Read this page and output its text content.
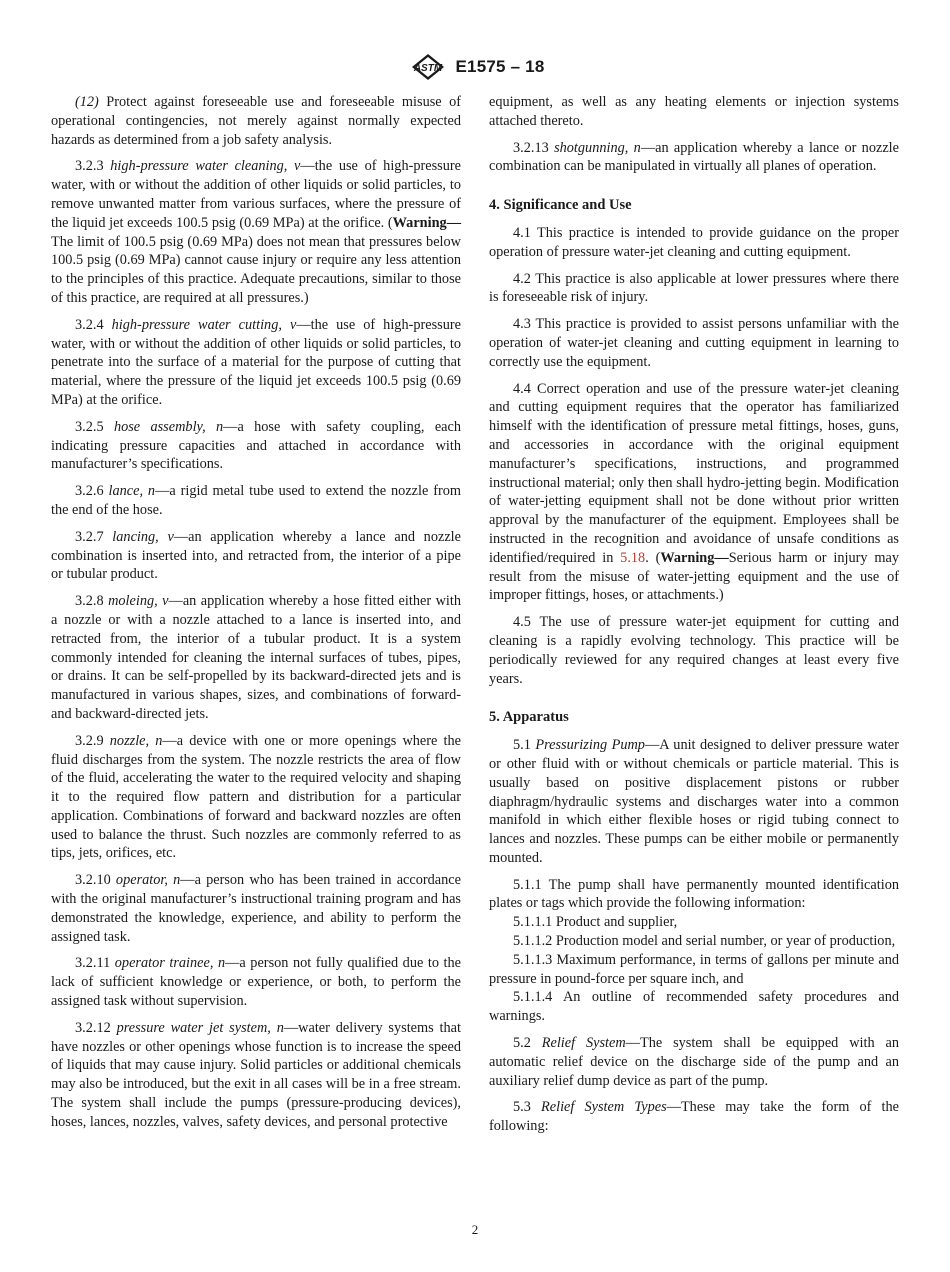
ASTM E1575 – 18

(12) Protect against foreseeable use and foreseeable misuse of operational contingencies, not merely against normally expected hazards as determined from a job safety analysis.

3.2.3 high-pressure water cleaning, v—the use of high-pressure water, with or without the addition of other liquids or solid particles, to remove unwanted matter from various surfaces, where the pressure of the liquid jet exceeds 100.5 psig (0.69 MPa) at the orifice. (Warning—The limit of 100.5 psig (0.69 MPa) does not mean that pressures below 100.5 psig (0.69 MPa) cannot cause injury or require any less attention to the principles of this practice. Adequate precautions, similar to those of this practice, are required at all pressures.)

3.2.4 high-pressure water cutting, v—the use of high-pressure water, with or without the addition of other liquids or solid particles, to penetrate into the surface of a material for the purpose of cutting that material, where the pressure of the liquid jet exceeds 100.5 psig (0.69 MPa) at the orifice.

3.2.5 hose assembly, n—a hose with safety coupling, each indicating pressure capacities and attached in accordance with manufacturer’s specifications.

3.2.6 lance, n—a rigid metal tube used to extend the nozzle from the end of the hose.

3.2.7 lancing, v—an application whereby a lance and nozzle combination is inserted into, and retracted from, the interior of a pipe or tubular product.

3.2.8 moleing, v—an application whereby a hose fitted either with a nozzle or with a nozzle attached to a lance is inserted into, and retracted from, the interior of a tubular product. It is a system commonly intended for cleaning the internal surfaces of tubes, pipes, or drains. It can be self-propelled by its backward-directed jets and is manufactured in various shapes, sizes, and combinations of forward- and backward-directed jets.

3.2.9 nozzle, n—a device with one or more openings where the fluid discharges from the system. The nozzle restricts the area of flow of the fluid, accelerating the water to the required velocity and shaping it to the required flow pattern and distribution for a particular application. Combinations of forward and backward nozzles are often used to balance the thrust. Such nozzles are commonly referred to as tips, jets, orifices, etc.

3.2.10 operator, n—a person who has been trained in accordance with the original manufacturer’s instructional training program and has demonstrated the knowledge, experience, and ability to perform the assigned task.

3.2.11 operator trainee, n—a person not fully qualified due to the lack of sufficient knowledge or experience, or both, to perform the assigned task without supervision.

3.2.12 pressure water jet system, n—water delivery systems that have nozzles or other openings whose function is to increase the speed of liquids that may cause injury. Solid particles or additional chemicals may also be introduced, but the exit in all cases will be in a free stream. The system shall include the pumps (pressure-producing devices), hoses, lances, nozzles, valves, safety devices, and personal protective

equipment, as well as any heating elements or injection systems attached thereto.

3.2.13 shotgunning, n—an application whereby a lance or nozzle combination can be manipulated in virtually all planes of operation.

4. Significance and Use

4.1 This practice is intended to provide guidance on the proper operation of pressure water-jet cleaning and cutting equipment.

4.2 This practice is also applicable at lower pressures where there is foreseeable risk of injury.

4.3 This practice is provided to assist persons unfamiliar with the operation of water-jet cleaning and cutting equipment in learning to correctly use the equipment.

4.4 Correct operation and use of the pressure water-jet cleaning and cutting equipment requires that the operator has familiarized himself with the identification of pressure metal fittings, hoses, guns, and accessories in accordance with the original equipment manufacturer’s specifications, instructions, and programmed instructional material; only then shall hydro-jetting begin. Modification of water-jetting equipment shall not be done without prior written approval by the manufacturer of the equipment. Employees shall be instructed in the recognition and avoidance of unsafe conditions as identified/required in 5.18. (Warning—Serious harm or injury may result from the misuse of water-jetting equipment and the use of improper fittings, hoses, or attachments.)

4.5 The use of pressure water-jet equipment for cutting and cleaning is a rapidly evolving technology. This practice will be periodically reviewed for any required changes at least every five years.

5. Apparatus

5.1 Pressurizing Pump—A unit designed to deliver pressure water or other fluid with or without chemicals or particle material. This is usually based on positive displacement pistons or rubber diaphragm/hydraulic systems and discharges water into a common manifold in which either flexible hoses or rigid tubing connect to lances and nozzles. These pumps can be either mobile or permanently mounted.

5.1.1 The pump shall have permanently mounted identification plates or tags which provide the following information:

5.1.1.1 Product and supplier,

5.1.1.2 Production model and serial number, or year of production,

5.1.1.3 Maximum performance, in terms of gallons per minute and pressure in pound-force per square inch, and

5.1.1.4 An outline of recommended safety procedures and warnings.

5.2 Relief System—The system shall be equipped with an automatic relief device on the discharge side of the pump and an auxiliary relief dump device as part of the pump.

5.3 Relief System Types—These may take the form of the following:

2
